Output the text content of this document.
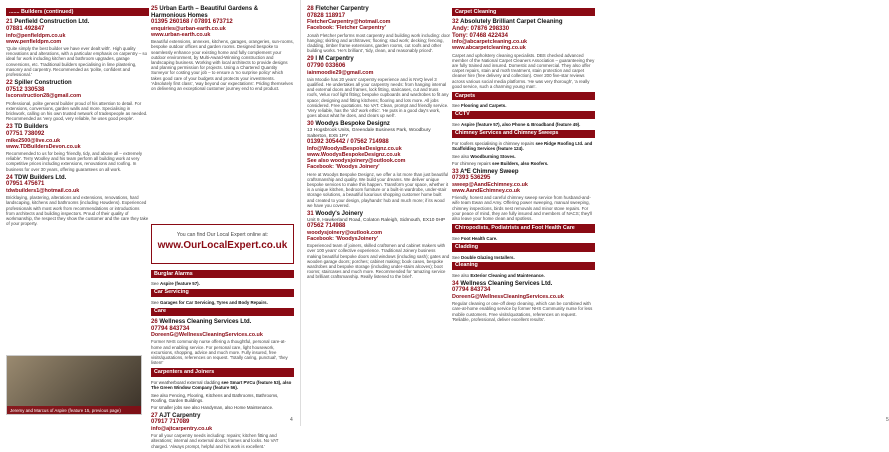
....... Builders (continued)
21 Penfield Construction Ltd.
07881 492847
info@penfieldpm.co.uk
www.penfieldpm.com
'Quite simply the best builder we have ever dealt with'. High quality renovations and alterations, with a particular emphasis on carpentry – so ideal for work including kitchen and bathroom upgrades, garage conversions, etc. Traditional builders specialising in lime plastering, masonry and carpentry. Recommended as 'polite, confident and professional.'
22 Spiller Construction
07512 330538
lsconstruction28@gmail.com
Professional, polite general builder proud of his attention to detail. For extensions, conversions, garden walls and more. Specialising in brickwork, calling on his own trusted network of tradespeople as needed. Recommended as 'very good, very reliable, he uses good people'.
23 TD Builders
07751 738092
mike2500@live.co.uk
www.TDBuildersDevon.co.uk
Recommended to us for being 'friendly, tidy, and above all – extremely reliable'. Terry Woolley and his team perform all building work at very competitive prices including extensions, renovations and roofing. In business for over 30 years, offering guarantees on all work.
24 TDW Builders Ltd.
07951 475671
tdwbuilders1@hotmail.co.uk
Bricklaying, plastering, alterations and extensions, renovations, hard landscaping, kitchens and bathrooms (including Howdens). Experienced professionals with most work from recommendations or introductions from architects and building inspectors. Proud of their quality of workmanship, the respect they show the customer and the care they take of your property.
Jeremy and Marcus of Aspire (feature 15, previous page)
25 Urban Earth – Beautiful Gardens & Harmonious Homes
01395 260168 / 07891 673712
enquiries@urban-earth.co.uk
www.urban-earth.co.uk
Beautiful extensions, annexes, kitchens, garages, orangeries, sun-rooms, bespoke outdoor offices and garden rooms. Designed bespoke to seamlessly enhance your existing home and fully complement your outdoor environment, by Multi-Award-Winning construction and landscaping business. Working with local architects to provide designs and planning permission for projects. Using a Chartered Quantity Surveyor for costing your job – to ensure a 'no surprise policy' which takes good care of your budgets and protects your investments. 'Absolutely first class', 'way beyond our expectations'. Priding themselves on delivering an exceptional customer journey end to end product.
You can find Our Local Expert online at:
www.OurLocalExpert.co.uk
Burglar Alarms
See Aspire (feature 57).
Car Servicing
See Garages for Car Servicing, Tyres and Body Repairs.
Care
26 Wellness Cleaning Services Ltd.
07794 843734
DoreenG@WellnessCleaningServices.co.uk
Former NHS community nurse offering a thoughtful, personal care-at-home and enabling service. For personal care, light housework, excursions, shopping, advice and much more. Fully insured, free visits/quotations, references on request. 'Totally caring, punctual', 'they listen!'
Carpenters and Joiners
For weatherboard external cladding see Smart PVCu (feature 53), also The Green Window Company (feature 56).
See also Fencing, Flooring, Kitchens and Bathrooms, Bathrooms, Roofing, Garden Buildings.
For smaller jobs see also Handyman, also Home Maintenance.
27 AJT Carpentry
07917 717089
info@ajtcarpentry.co.uk
For all your carpentry needs including: repairs; kitchen fitting and alterations; internal and external doors; frames and locks. No VAT charged. 'Always prompt, helpful and his work is excellent.'
4
28 Fletcher Carpentry
07828 118917
FletcherCarpentry@hotmail.com
Facebook: 'Fletcher Carpentry'
Jonah Fletcher performs most carpentry and building work including: door hanging; skirting and architraves; flooring; stud work; decking; fencing, cladding, timber frame extensions, garden rooms, cut roofs and other building works. 'He's brilliant', 'tidy, clean, and reasonably priced'.
29 I M Carpentry
07790 033606
iainmoodie29@gmail.com
Iain Moodie has 20 years' carpentry experience and is NVQ level 3 qualified. He undertakes all your carpentry needs: from hanging internal and external doors and frames, lock fitting, staircases, cut and truss roofs, Velux roof light fitting; bespoke cupboards and wardrobes to fit any space; designing and fitting kitchens; flooring and lots more. All jobs considered. Free quotations. No VAT. Clean, prompt and friendly service. 'Very reliable, has the 'old' work ethic'. 'He puts in a good day's work, goes about what he does, and clears up well'.
30 Woodys Bespoke Designz
13 Hogsbrook Units, Greendale Business Park, Woodbury Salterton, EX5 1PY
01392 305442 / 07562 714988
Info@WoodysBespokeDesignz.co.uk
www.WoodysBespokeDesignz.co.uk
See also woodysjoinery@outlook.com
Facebook: 'Woodys Joinery'
Here at Woodys Bespoke Designz, we offer a lot more than just beautiful craftsmanship and quality. We build your dreams. We deliver unique bespoke services to make this happen. Transform your space, whether it is a unique kitchen, bedroom furniture or a built-in wardrobe, under-stair storage solutions, a beautiful luxurious shopping customer home built and created to your design, playhands' hub and much more; if its wood we have you covered.
31 Woody's Joinery
Unit 9, Hawkerland Road, Colaton Raleigh, Sidmouth, EX10 0HP
07562 714988
woodysjoinery@outlook.com
Facebook: 'WoodysJoinery'
Experienced team of joiners, skilled craftsmen and cabinet makers with over 100 years' collective experience. Traditional Joinery business making beautiful bespoke doors and windows (including sash); gates and wooden garage doors; porches; cabinet making; book cases, bespoke wardrobes and bespoke storage (including under-stairs alcoves); boot rooms; staircases and much more. Recommended for 'amazing service and brilliant craftsmanship. Really listened to the brief'.
Carpet Cleaning
32 Absolutely Brilliant Carpet Cleaning
Andy: 07876 298330
Tony: 07468 422434
info@abcarpetcleaning.co.uk
www.abcarpetcleaning.co.uk
Carpet and upholstery cleaning specialists. DBS checked advanced member of the National Carpet Cleaners Association – guaranteeing they are fully trained and insured. Domestic and commercial. They also offer carpet repairs, stain and moth treatment, stain protection and carpet cleaner hire (free delivery and collection). Over 200 five-star reviews across various social media platforms. 'He was very thorough', 'a really good service, such a charming young man'.
Carpets
See Flooring and Carpets.
CCTV
See Aspire (feature 57), also Phone & Broadband (feature 49).
Chimney Services and Chimney Sweeps
For roofers specialising in chimney repairs see Ridge Roofing Ltd. and Scaffolding Services (feature 124).
See also Woodburning Stoves.
For chimney repairs see Builders, also Roofers.
33 A*E Chimney Sweep
07393 536295
sweep@AandEchimney.co.uk
www.AandEchimney.co.uk
Friendly, honest and careful chimney sweep service from husband-and-wife team Ewan and Amy. Offering power sweeping, manual sweeping, chimney inspections, birds nest removals and minor stove repairs. For your peace of mind, they are fully insured and members of NACS; they'll also leave your home clean and spotless.
Chiropodists, Podiatrists and Foot Health Care
See Foot Health Care.
Cladding
See Double Glazing Installers.
Cleaning
See also Exterior Cleaning and Maintenance.
34 Wellness Cleaning Services Ltd.
07794 843734
DoreenG@WellnessCleaningServices.co.uk
Regular cleaning or one-off deep cleaning, which can be combined with care-at-home enabling service by former NHS Community nurse for less mobile customers. Free visits/quotations, references on request. 'Reliable, professional, deliver excellent results'.
5
